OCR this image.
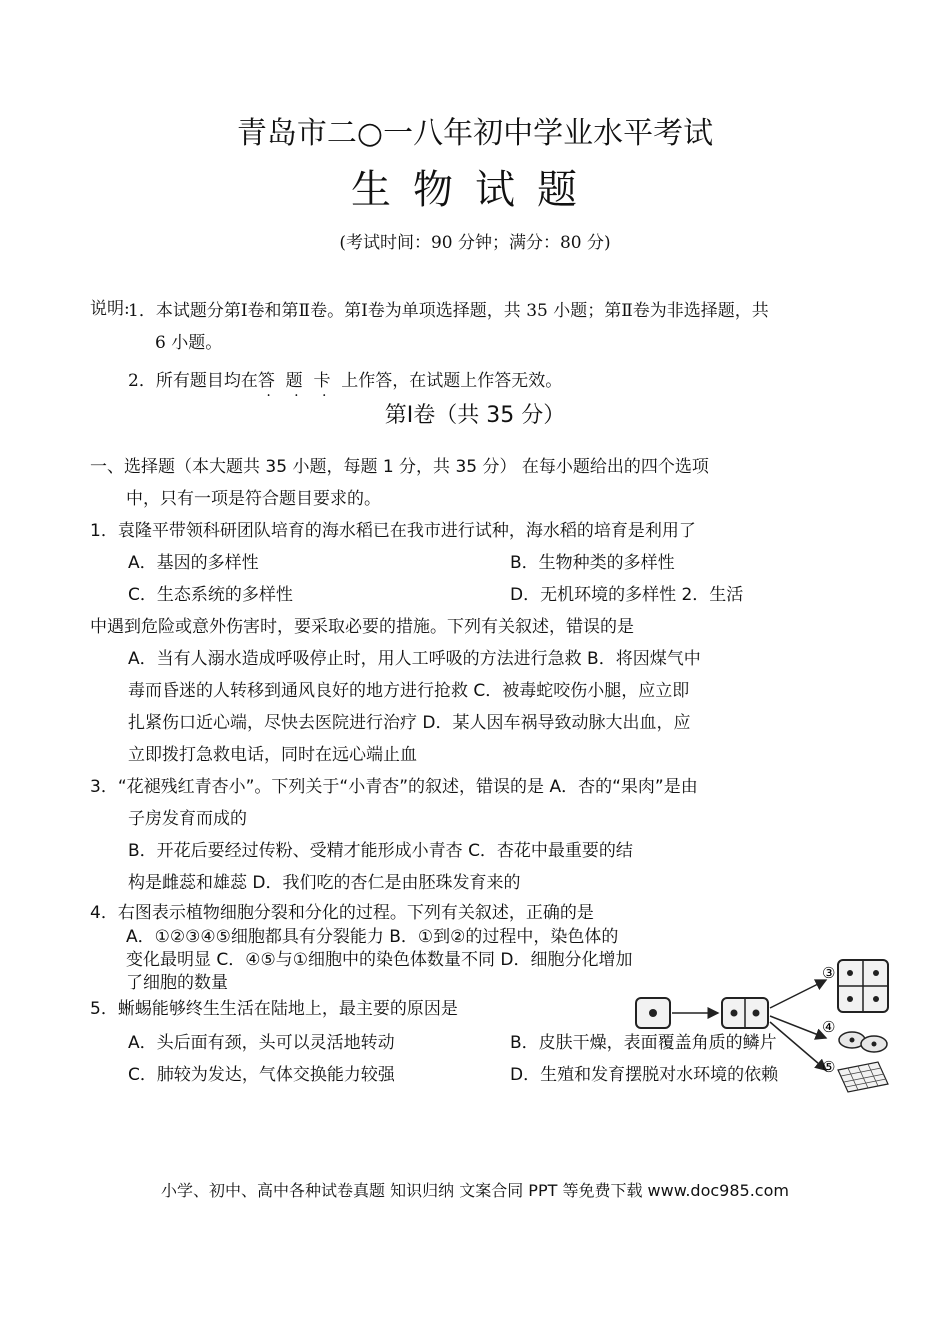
青岛市二○一八年初中学业水平考试
生物试题
(考试时间：90 分钟；满分：80 分)
说明:
1．本试题分第Ⅰ卷和第Ⅱ卷。第Ⅰ卷为单项选择题，共 35 小题；第Ⅱ卷为非选择题，共
6 小题。
2．所有题目均在答 题 卡 上作答，在试题上作答无效。
第Ⅰ卷（共 35 分）
一、选择题（本大题共 35 小题，每题 1 分，共 35 分） 在每小题给出的四个选项
中，只有一项是符合题目要求的。
1．袁隆平带领科研团队培育的海水稻已在我市进行试种，海水稻的培育是利用了
A．基因的多样性	B．生物种类的多样性
C．生态系统的多样性	D．无机环境的多样性 2．生活
中遇到危险或意外伤害时，要采取必要的措施。下列有关叙述，错误的是
A．当有人溺水造成呼吸停止时，用人工呼吸的方法进行急救 B．将因煤气中
毒而昏迷的人转移到通风良好的地方进行抢救 C．被毒蛇咬伤小腿，应立即
扎紧伤口近心端，尽快去医院进行治疗 D．某人因车祸导致动脉大出血，应
立即拨打急救电话，同时在远心端止血
3．“花褪残红青杏小”。下列关于“小青杏”的叙述，错误的是 A．杏的“果肉”是由
子房发育而成的
B．开花后要经过传粉、受精才能形成小青杏 C．杏花中最重要的结
构是雌蕊和雄蕊 D．我们吃的杏仁是由胚珠发育来的
4．右图表示植物细胞分裂和分化的过程。下列有关叙述，正确的是
A．①②③④⑤细胞都具有分裂能力 B．①到②的过程中，染色体的
变化最明显 C．④⑤与①细胞中的染色体数量不同 D．细胞分化增加
了细胞的数量
5．蜥蜴能够终生生活在陆地上，最主要的原因是
A．头后面有颈，头可以灵活地转动	B．皮肤干燥，表面覆盖角质的鳞片
C．肺较为发达，气体交换能力较强	D．生殖和发育摆脱对水环境的依赖
③
④
⑤
小学、初中、高中各种试卷真题 知识归纳 文案合同 PPT 等免费下载 www.doc985.com
